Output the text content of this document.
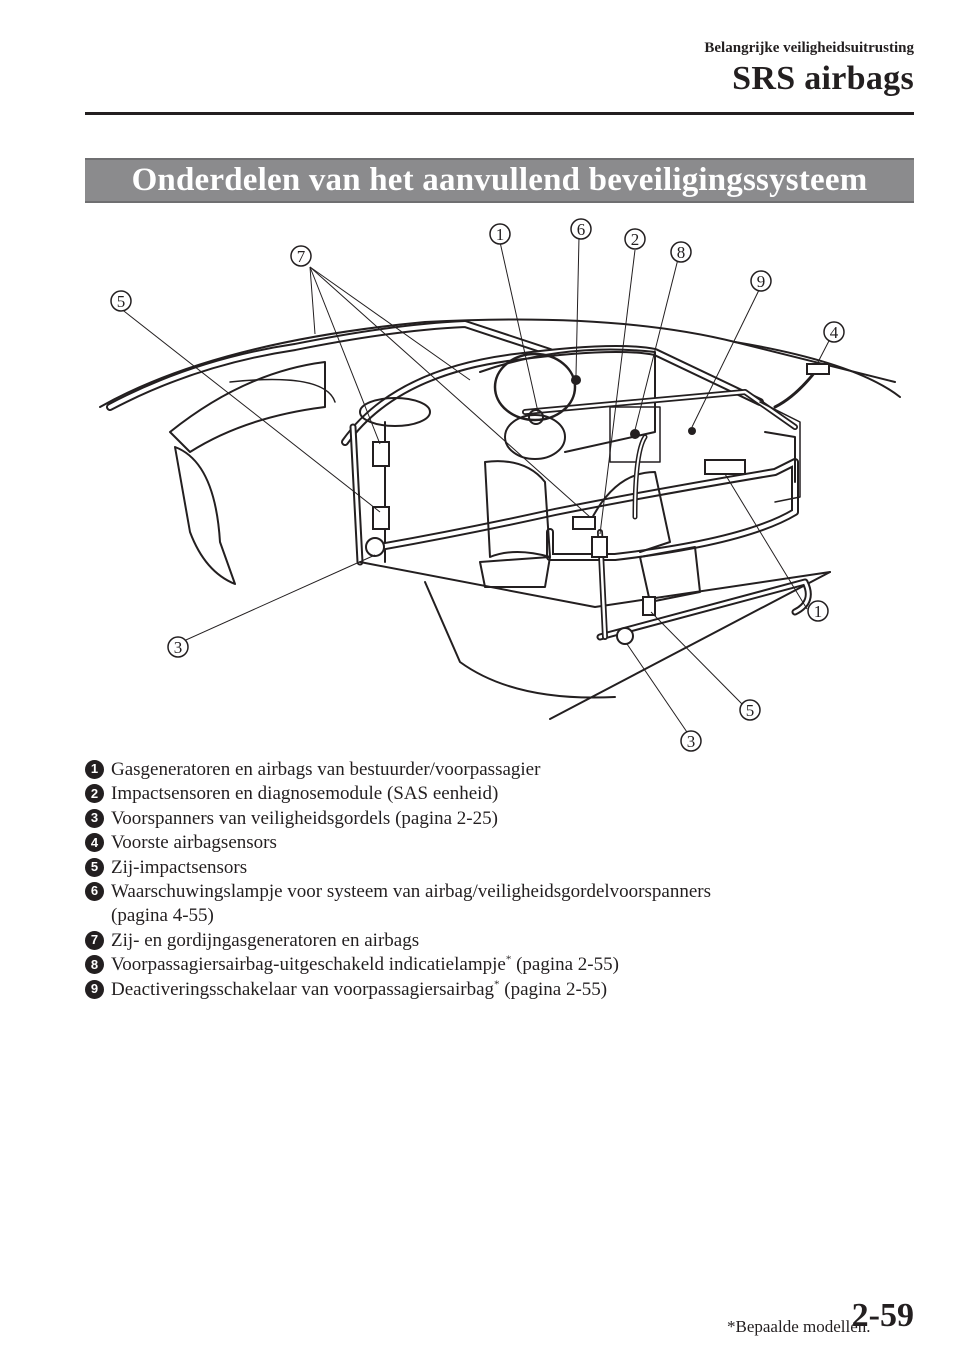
Belangrijke veiligheidsuitrusting
SRS airbags
Onderdelen van het aanvullend beveiligingssysteem
7
5
1	6
2
8
9
4
1
3
5
3
1 Gasgeneratoren en airbags van bestuurder/voorpassagier
2 Impactsensoren en diagnosemodule (SAS eenheid)
3 Voorspanners van veiligheidsgordels (pagina 2-25)
4 Voorste airbagsensors
5 Zij-impactsensors
6 Waarschuwingslampje voor systeem van airbag/veiligheidsgordelvoorspanners
(pagina 4-55)
7 Zij- en gordijngasgeneratoren en airbags
8 Voorpassagiersairbag-uitgeschakeld indicatielampje* (pagina 2-55)
9 Deactiveringsschakelaar van voorpassagiersairbag* (pagina 2-55)
*Bepaalde modellen.
2-59
